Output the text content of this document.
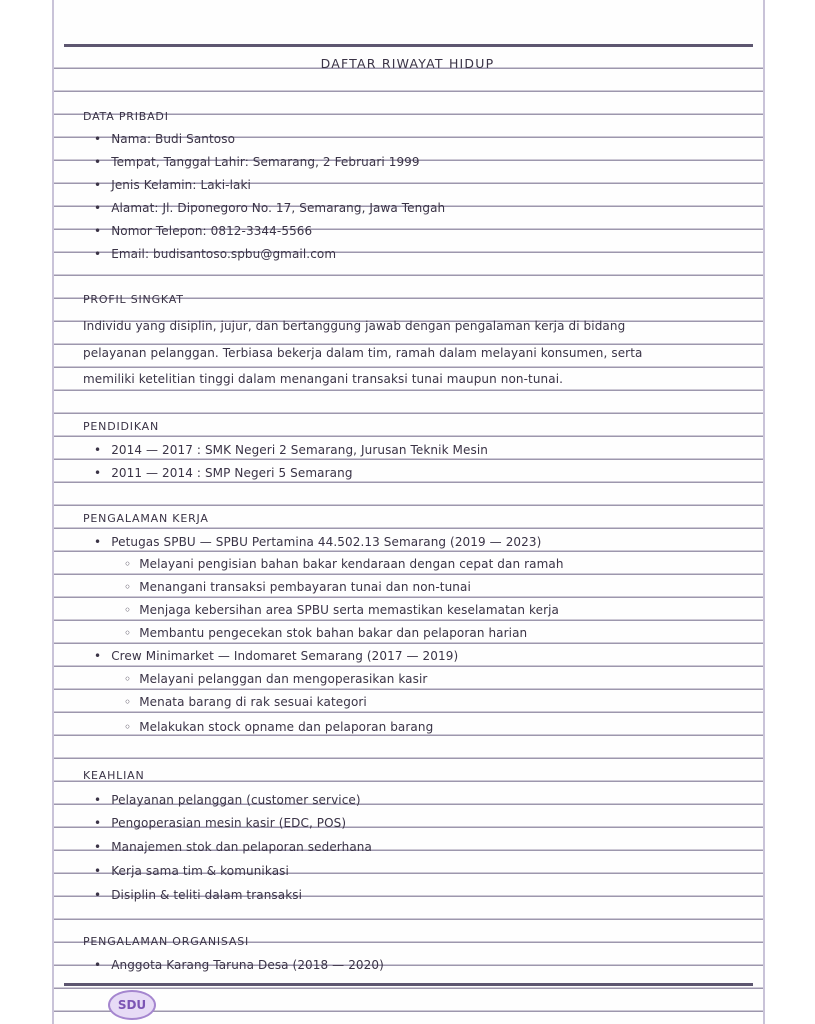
DAFTAR RIWAYAT HIDUP
DATA PRIBADI
• Nama: Budi Santoso
• Tempat, Tanggal Lahir: Semarang, 2 Februari 1999
• Jenis Kelamin: Laki-laki
• Alamat: Jl. Diponegoro No. 17, Semarang, Jawa Tengah
• Nomor Telepon: 0812-3344-5566
• Email: budisantoso.spbu@gmail.com
PROFIL SINGKAT
Individu yang disiplin, jujur, dan bertanggung jawab dengan pengalaman kerja di bidang
pelayanan pelanggan. Terbiasa bekerja dalam tim, ramah dalam melayani konsumen, serta
memiliki ketelitian tinggi dalam menangani transaksi tunai maupun non-tunai.
PENDIDIKAN
• 2014 — 2017 : SMK Negeri 2 Semarang, Jurusan Teknik Mesin
• 2011 — 2014 : SMP Negeri 5 Semarang
PENGALAMAN KERJA
• Petugas SPBU — SPBU Pertamina 44.502.13 Semarang (2019 — 2023)
◦ Melayani pengisian bahan bakar kendaraan dengan cepat dan ramah
◦ Menangani transaksi pembayaran tunai dan non-tunai
◦ Menjaga kebersihan area SPBU serta memastikan keselamatan kerja
◦ Membantu pengecekan stok bahan bakar dan pelaporan harian
• Crew Minimarket — Indomaret Semarang (2017 — 2019)
◦ Melayani pelanggan dan mengoperasikan kasir
◦ Menata barang di rak sesuai kategori
◦ Melakukan stock opname dan pelaporan barang
KEAHLIAN
• Pelayanan pelanggan (customer service)
• Pengoperasian mesin kasir (EDC, POS)
• Manajemen stok dan pelaporan sederhana
• Kerja sama tim & komunikasi
• Disiplin & teliti dalam transaksi
PENGALAMAN ORGANISASI
• Anggota Karang Taruna Desa (2018 — 2020)
SDU
